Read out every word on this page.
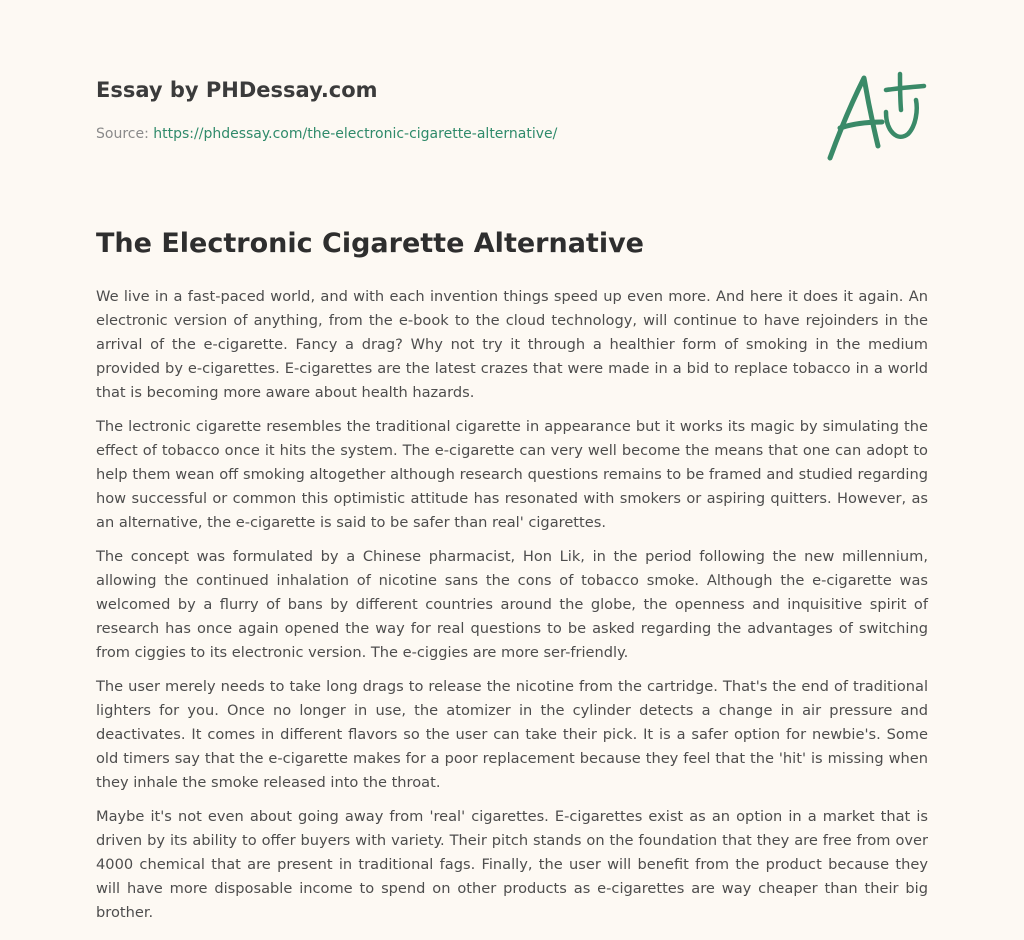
Essay by PHDessay.com
Source: https://phdessay.com/the-electronic-cigarette-alternative/
The Electronic Cigarette Alternative

We live in a fast-paced world, and with each invention things speed up even more. And here it does it again. An electronic version of anything, from the e-book to the cloud technology, will continue to have rejoinders in the arrival of the e-cigarette. Fancy a drag? Why not try it through a healthier form of smoking in the medium provided by e-cigarettes. E-cigarettes are the latest crazes that were made in a bid to replace tobacco in a world that is becoming more aware about health hazards.

The lectronic cigarette resembles the traditional cigarette in appearance but it works its magic by simulating the effect of tobacco once it hits the system. The e-cigarette can very well become the means that one can adopt to help them wean off smoking altogether although research questions remains to be framed and studied regarding how successful or common this optimistic attitude has resonated with smokers or aspiring quitters. However, as an alternative, the e-cigarette is said to be safer than real' cigarettes.

The concept was formulated by a Chinese pharmacist, Hon Lik, in the period following the new millennium, allowing the continued inhalation of nicotine sans the cons of tobacco smoke. Although the e-cigarette was welcomed by a flurry of bans by different countries around the globe, the openness and inquisitive spirit of research has once again opened the way for real questions to be asked regarding the advantages of switching from ciggies to its electronic version. The e-ciggies are more ser-friendly.

The user merely needs to take long drags to release the nicotine from the cartridge. That's the end of traditional lighters for you. Once no longer in use, the atomizer in the cylinder detects a change in air pressure and deactivates. It comes in different flavors so the user can take their pick. It is a safer option for newbie's. Some old timers say that the e-cigarette makes for a poor replacement because they feel that the 'hit' is missing when they inhale the smoke released into the throat.

Maybe it's not even about going away from 'real' cigarettes. E-cigarettes exist as an option in a market that is driven by its ability to offer buyers with variety. Their pitch stands on the foundation that they are free from over 4000 chemical that are present in traditional fags. Finally, the user will benefit from the product because they will have more disposable income to spend on other products as e-cigarettes are way cheaper than their big brother.
